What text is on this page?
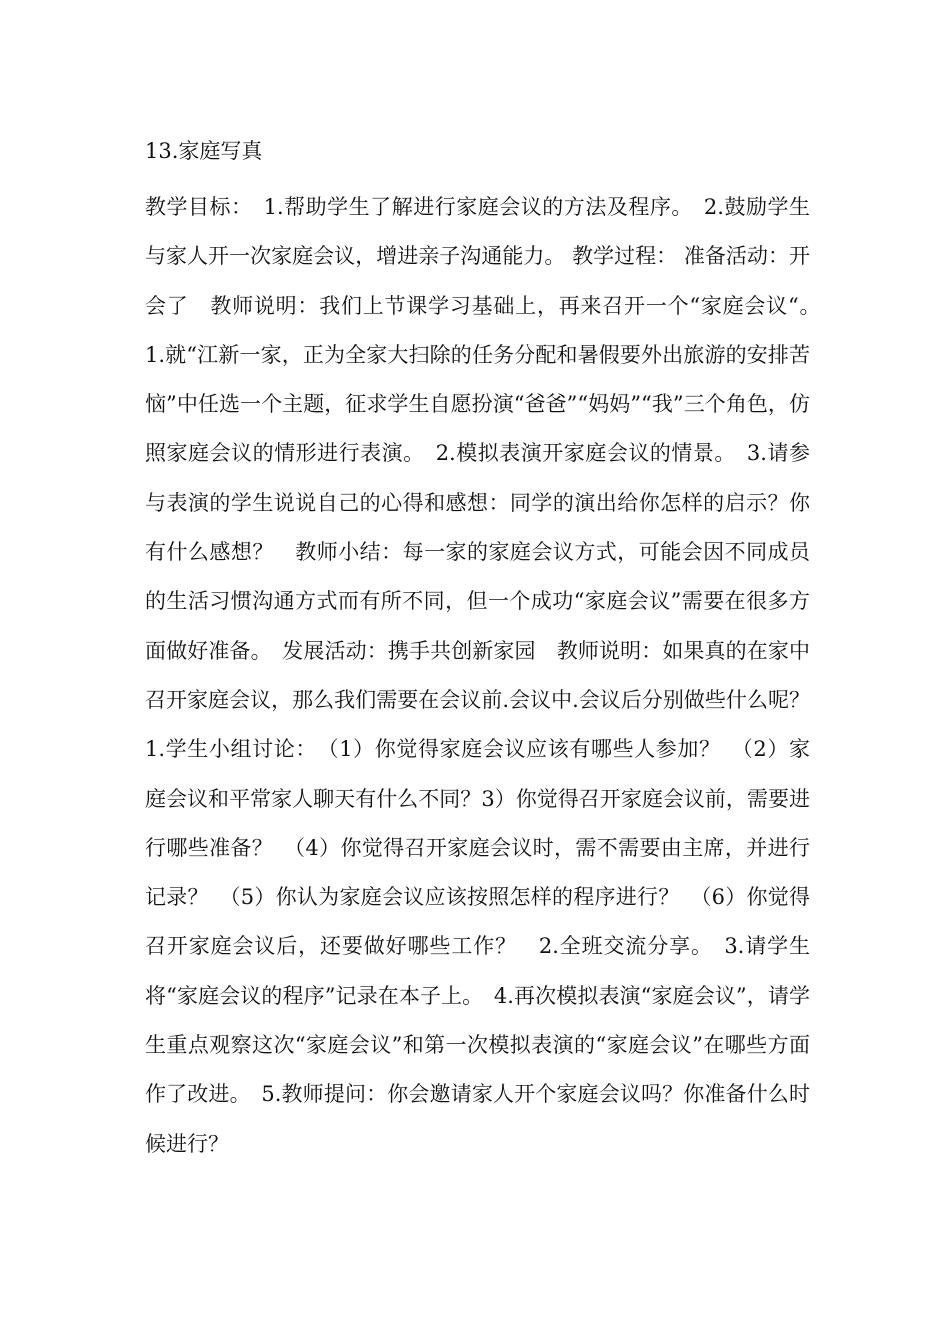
13.家庭写真

教学目标：　1.帮助学生了解进行家庭会议的方法及程序。　2.鼓励学生与家人开一次家庭会议，增进亲子沟通能力。 教学过程： 准备活动：开会了　教师说明：我们上节课学习基础上，再来召开一个“家庭会议“。　1.就“江新一家，正为全家大扫除的任务分配和暑假要外出旅游的安排苦恼”中任选一个主题，征求学生自愿扮演“爸爸”“妈妈”“我”三个角色，仿照家庭会议的情形进行表演。　2.模拟表演开家庭会议的情景。　3.请参与表演的学生说说自己的心得和感想：同学的演出给你怎样的启示？你有什么感想？　教师小结：每一家的家庭会议方式，可能会因不同成员的生活习惯沟通方式而有所不同，但一个成功“家庭会议”需要在很多方面做好准备。　发展活动：携手共创新家园　教师说明：如果真的在家中召开家庭会议，那么我们需要在会议前.会议中.会议后分别做些什么呢？　1.学生小组讨论：　（1）你觉得家庭会议应该有哪些人参加？　（2）家庭会议和平常家人聊天有什么不同？3）你觉得召开家庭会议前，需要进行哪些准备？　（4）你觉得召开家庭会议时，需不需要由主席，并进行记录？　（5）你认为家庭会议应该按照怎样的程序进行？　（6）你觉得召开家庭会议后，还要做好哪些工作？　2.全班交流分享。　3.请学生将“家庭会议的程序”记录在本子上。　4.再次模拟表演“家庭会议”，请学生重点观察这次“家庭会议”和第一次模拟表演的“家庭会议”在哪些方面作了改进。　5.教师提问：你会邀请家人开个家庭会议吗？你准备什么时候进行？
